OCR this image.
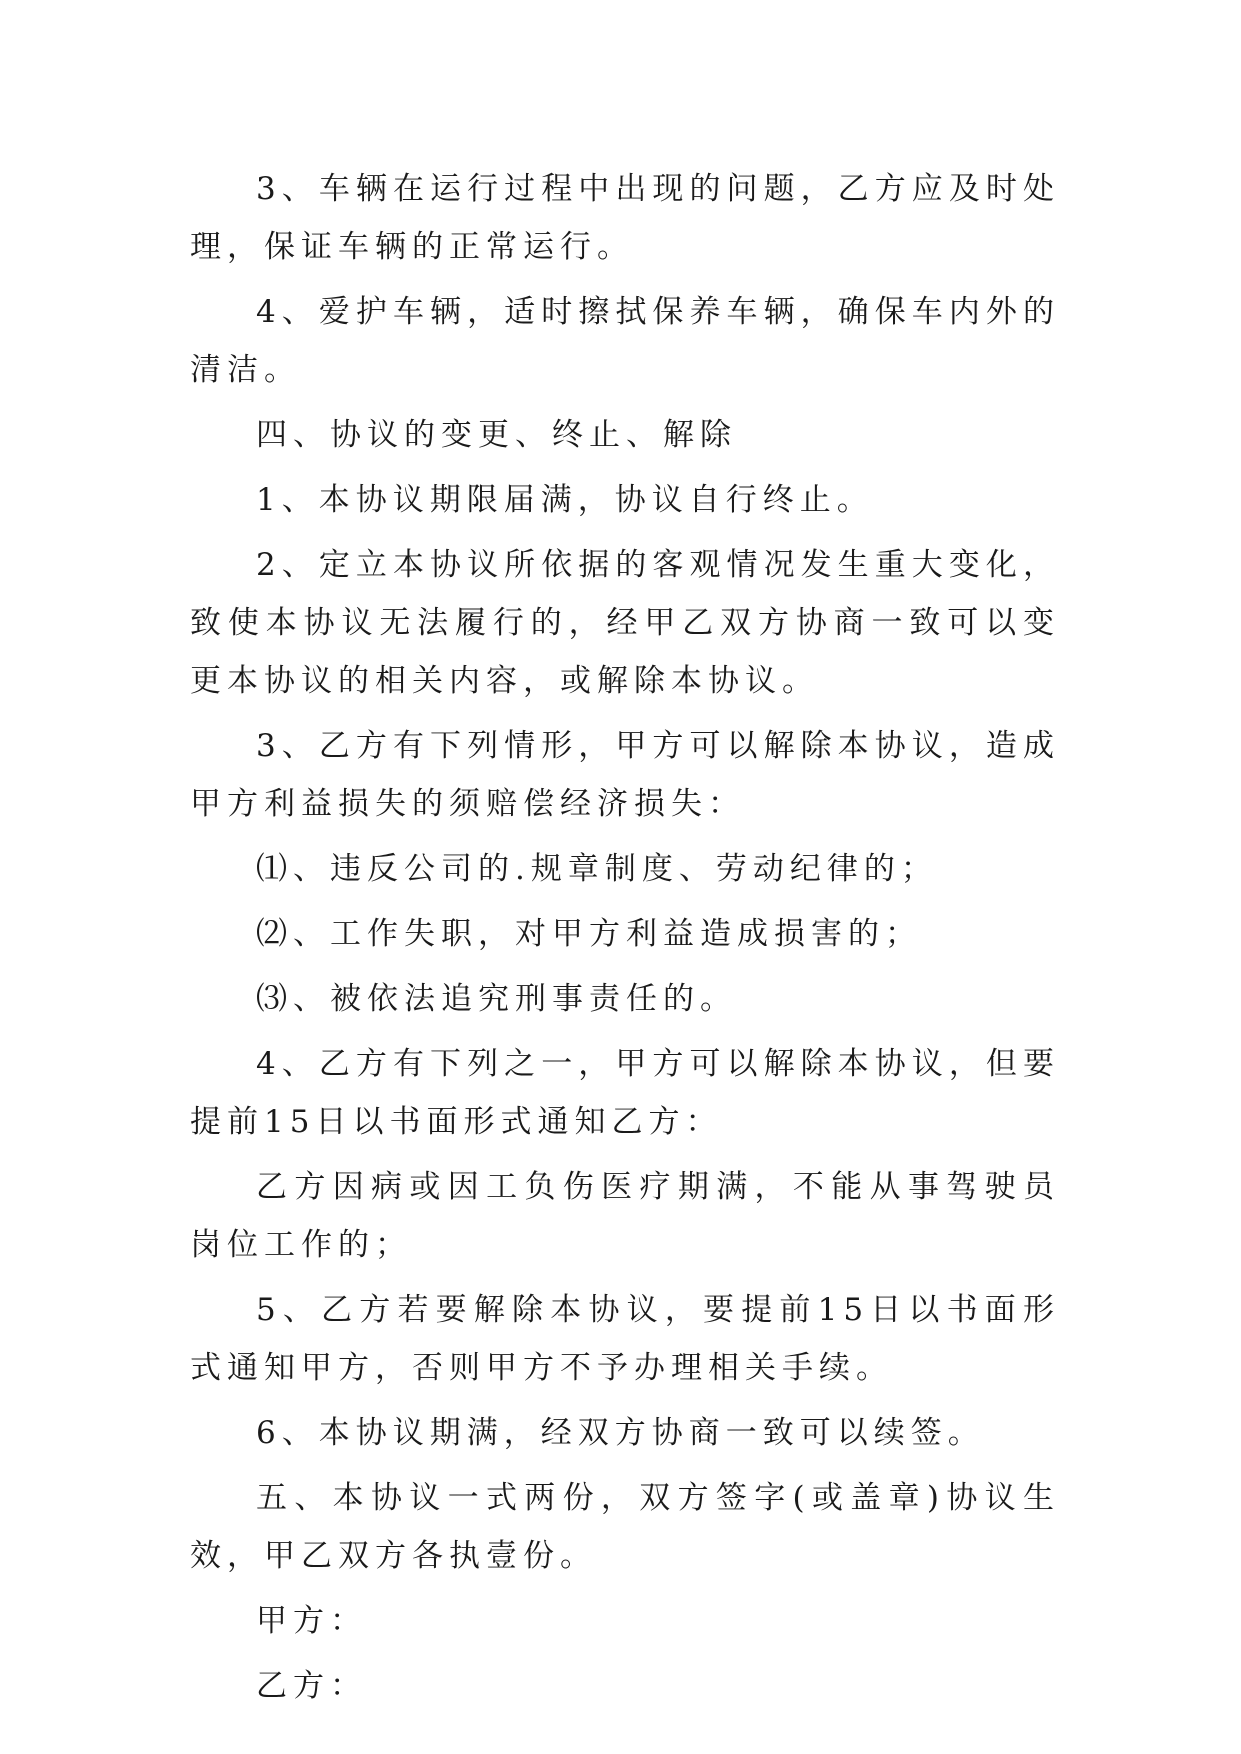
3、车辆在运行过程中出现的问题，乙方应及时处理，保证车辆的正常运行。

4、爱护车辆，适时擦拭保养车辆，确保车内外的清洁。

四、协议的变更、终止、解除

1、本协议期限届满，协议自行终止。

2、定立本协议所依据的客观情况发生重大变化，致使本协议无法履行的，经甲乙双方协商一致可以变更本协议的相关内容，或解除本协议。

3、乙方有下列情形，甲方可以解除本协议，造成甲方利益损失的须赔偿经济损失：

⑴、违反公司的.规章制度、劳动纪律的；

⑵、工作失职，对甲方利益造成损害的；

⑶、被依法追究刑事责任的。

4、乙方有下列之一，甲方可以解除本协议，但要提前15日以书面形式通知乙方：

乙方因病或因工负伤医疗期满，不能从事驾驶员岗位工作的；

5、乙方若要解除本协议，要提前15日以书面形式通知甲方，否则甲方不予办理相关手续。

6、本协议期满，经双方协商一致可以续签。

五、本协议一式两份，双方签字(或盖章)协议生效，甲乙双方各执壹份。

甲方：

乙方：
